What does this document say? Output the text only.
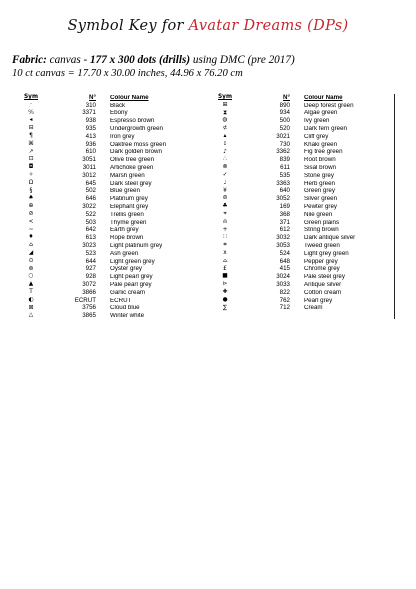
Symbol Key for Avatar Dreams (DPs)
Fabric: canvas - 177 x 300 dots (drills) using DMC (pre 2017)
10 ct canvas = 17.70 x 30.00 inches, 44.96 x 76.20 cm
Sym	N°	Colour Name
·	310	Black
⁰⁄₀	3371	Ebony
◂	938	Espresso brown
⊟	935	Undergrowth green
¶	413	Iron grey
⌘	936	Oaktree moss green
↗	610	Dark golden brown
⊡	3051	Olive tree green
◘	3011	Artichoke green
✧	3012	Marsh green
Ω	645	Dark steel grey
§	502	Blue green
♠	646	Platinum grey
⊕	3022	Elephant grey
⊘	522	Trellis green
<	503	Thyme green
~	642	Earth grey
♦	613	Rope brown
⌂	3023	Light platinum grey
◢	523	Ash green
⊙	644	Light green grey
⊛	927	Oyster grey
○	928	Light pearl grey
▲	3072	Pale pearl grey
T	3866	Garlic cream
◐	ECRUT	ECRUT
⊠	3756	Cloud blue
△	3865	Winter white
Sym	N°	Colour Name
⊞	890	Deep forest green
⧗	934	Algae green
◍	500	Ivy green
⊄	520	Dark fern green
▴	3021	Cliff grey
ɪ	730	Khaki green
♪	3362	Fig tree green
∴	839	Root brown
⊗	611	Sisal brown
✓	535	Stone grey
♩	3363	Herb green
¥	640	Green grey
⊜	3052	Silver green
♣	169	Pewter grey
⌖	368	Nile green
⍝	371	Green plains
+	612	String brown
∷	3032	Dark antique silver
⌗	3053	Tweed green
x	524	Light grey green
⌓	648	Pepper grey
£	415	Chrome grey
■	3024	Pale steel grey
⊳	3033	Antique silver
✚	822	Cotton cream
●	762	Pearl grey
∑	712	Cream
